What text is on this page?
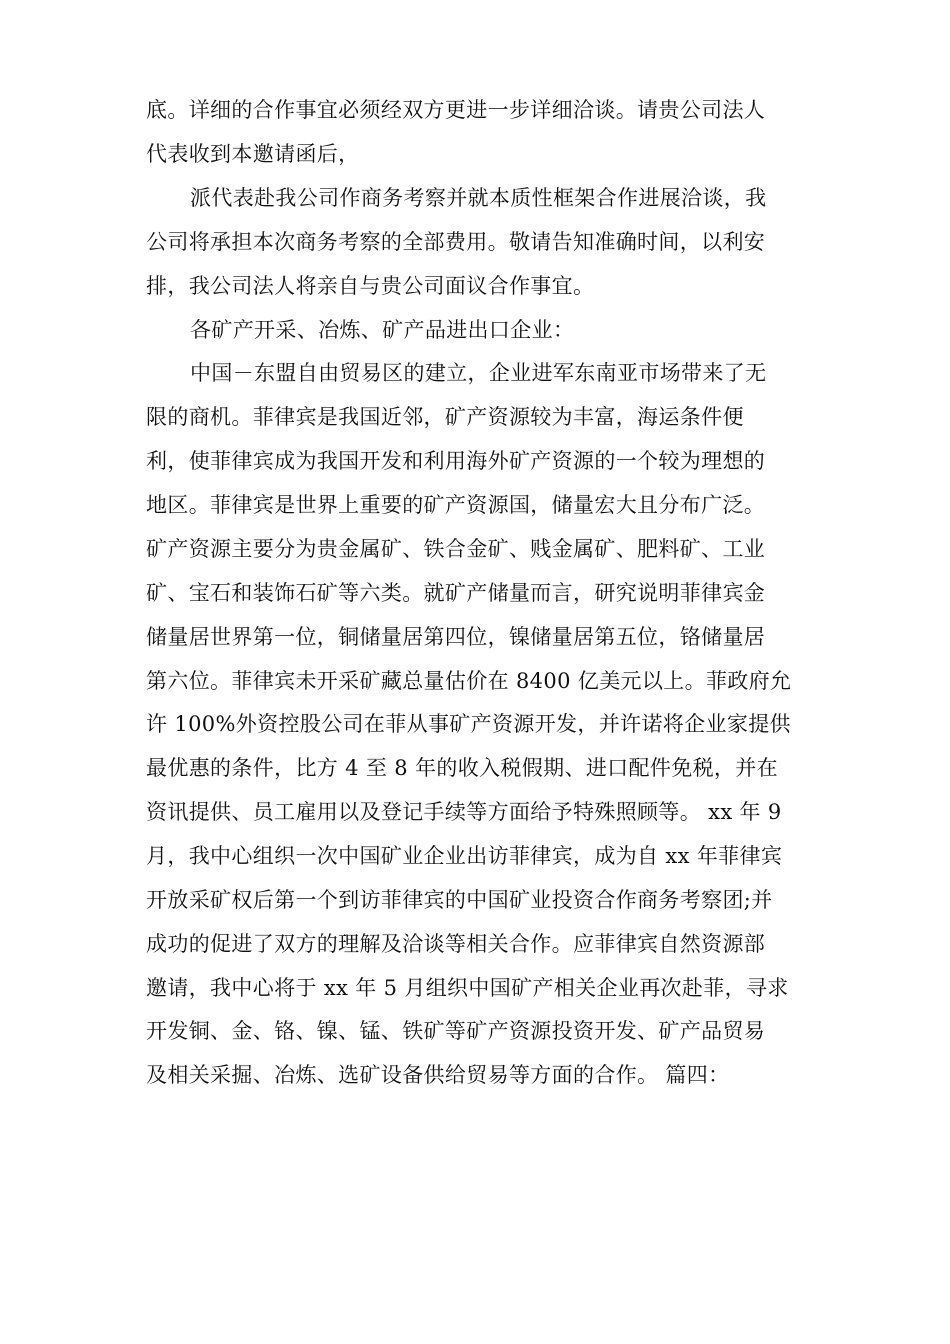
底。详细的合作事宜必须经双方更进一步详细洽谈。请贵公司法人
代表收到本邀请函后，
派代表赴我公司作商务考察并就本质性框架合作进展洽谈，我
公司将承担本次商务考察的全部费用。敬请告知准确时间，以利安
排，我公司法人将亲自与贵公司面议合作事宜。
各矿产开采、冶炼、矿产品进出口企业：
中国－东盟自由贸易区的建立，企业进军东南亚市场带来了无
限的商机。菲律宾是我国近邻，矿产资源较为丰富，海运条件便
利，使菲律宾成为我国开发和利用海外矿产资源的一个较为理想的
地区。菲律宾是世界上重要的矿产资源国，储量宏大且分布广泛。
矿产资源主要分为贵金属矿、铁合金矿、贱金属矿、肥料矿、工业
矿、宝石和装饰石矿等六类。就矿产储量而言，研究说明菲律宾金
储量居世界第一位，铜储量居第四位，镍储量居第五位，铬储量居
第六位。菲律宾未开采矿藏总量估价在 8400 亿美元以上。菲政府允
许 100%外资控股公司在菲从事矿产资源开发，并许诺将企业家提供
最优惠的条件，比方 4 至 8 年的收入税假期、进口配件免税，并在
资讯提供、员工雇用以及登记手续等方面给予特殊照顾等。 xx 年 9
月，我中心组织一次中国矿业企业出访菲律宾，成为自 xx 年菲律宾
开放采矿权后第一个到访菲律宾的中国矿业投资合作商务考察团;并
成功的促进了双方的理解及洽谈等相关合作。应菲律宾自然资源部
邀请，我中心将于 xx 年 5 月组织中国矿产相关企业再次赴菲，寻求
开发铜、金、铬、镍、锰、铁矿等矿产资源投资开发、矿产品贸易
及相关采掘、冶炼、选矿设备供给贸易等方面的合作。 篇四：
